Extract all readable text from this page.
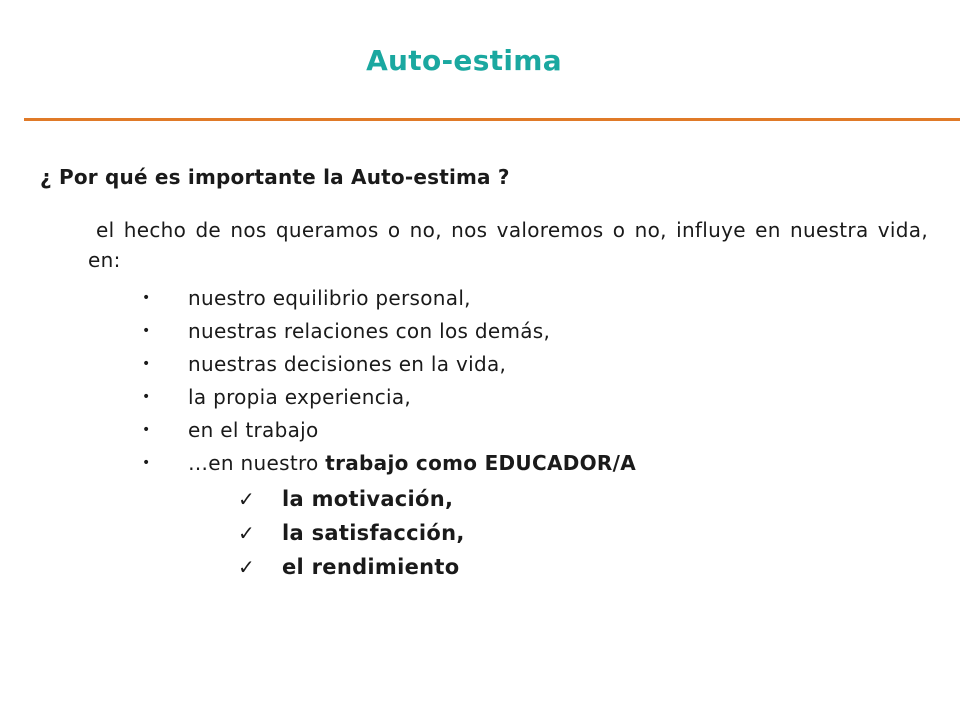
Auto-estima
¿ Por qué es importante la Auto-estima ?
el hecho de nos queramos o no, nos valoremos o no, influye en nuestra vida, en:
• nuestro equilibrio personal,
• nuestras relaciones con los demás,
• nuestras decisiones en la vida,
• la propia experiencia,
• en el trabajo
• …en nuestro trabajo como EDUCADOR/A
✓ la motivación,
✓ la satisfacción,
✓ el rendimiento
